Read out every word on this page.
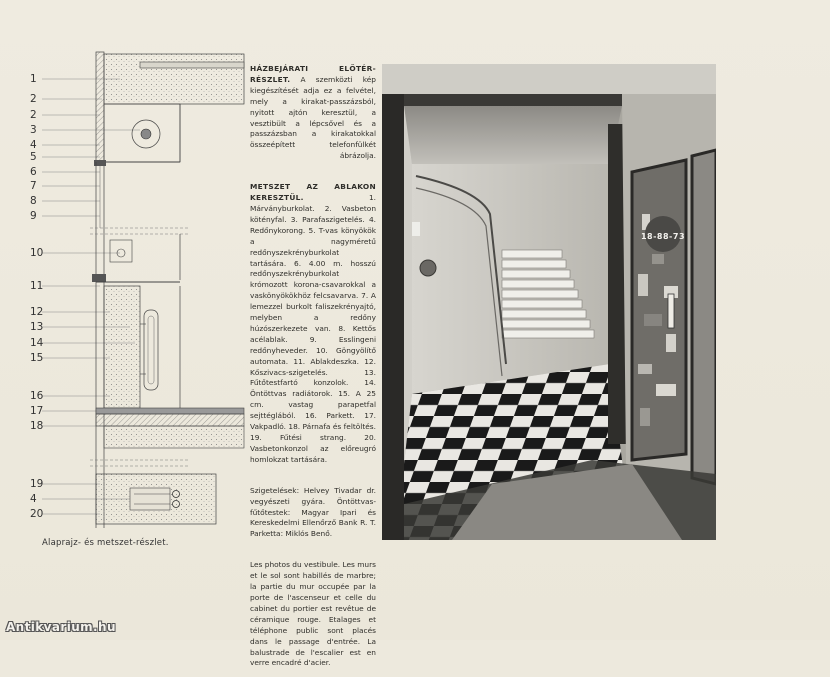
1
2
2
3
4
5
6
7
8
9
10
11
12
13
14
15
16
17
18
19
4
20
Alaprajz- és metszet-részlet.

HÁZBEJÁRATI ELŐTÉR-RÉSZLET. A szemközti kép kiegészítését adja ez a felvétel, mely a kirakat-passzázsból, nyitott ajtón keresztül, a vesztibült a lépcsővel és a passzázsban a kirakatokkal összeépített telefonfülkét ábrázolja.

METSZET AZ ABLAKON KERESZTÜL.	1. Márványburkolat. 2. Vasbeton kötényfal. 3. Parafaszigetelés. 4. Redőnykorong. 5. T-vas könyökök a nagyméretű redőnyszekrényburkolat tartására. 6. 4.00 m. hosszú redőnyszekrényburkolat krómozott korona-csavarokkal a vaskönyökökhöz felcsavarva. 7. A lemezzel burkolt faliszekrényajtó, melyben a redőny húzószerkezete van. 8. Kettős acélablak. 9. Esslingeni redőnyheveder. 10. Göngyölítő automata. 11. Ablakdeszka. 12. Kőszivacs-szigetelés. 13. Fűtőtestfartó konzolok. 14. Öntöttvas radiátorok. 15. A 25 cm. vastag parapetfal sejttéglából. 16. Parkett. 17. Vakpadló. 18. Párnafa és feltöltés. 19. Fűtési strang. 20. Vasbetonkonzol az előreugró homlokzat tartására.

Szigetelések: Helvey Tivadar dr. vegyészeti gyára. Öntöttvas-fűtőtestek: Magyar Ipari és Kereskedelmi Ellenőrző Bank R. T. Parketta: Miklós Benő.

Les photos du vestibule. Les murs et le sol sont habillés de marbre; la partie du mur occupée par la porte de l'ascenseur et celle du cabinet du portier est revêtue de céramique rouge. Etalages et téléphone public sont placés dans le passage d'entrée. La balustrade de l'escalier est en verre encadré d'acier.

18-88-73
Antikvarium.hu
